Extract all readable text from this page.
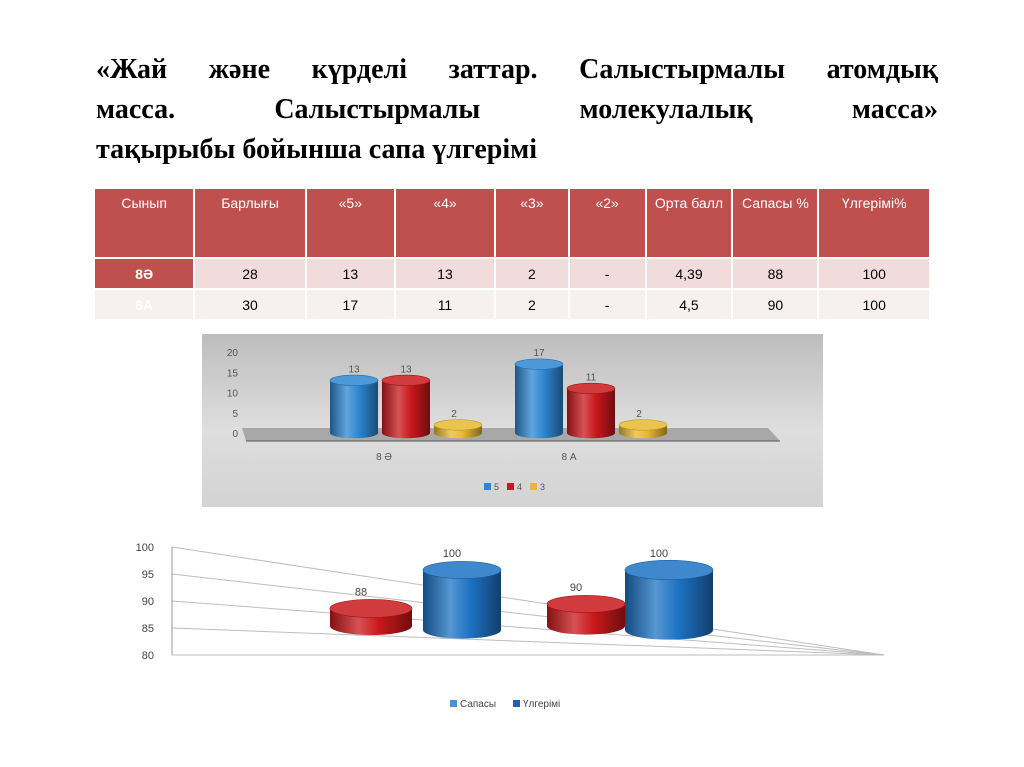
«Жай және күрделі заттар. Салыстырмалы атомдық
масса. Салыстырмалы молекулалық масса»
тақырыбы бойынша сапа үлгерімі
Сынып	Барлығы	«5»	«4»	«3»	«2»	Орта балл	Сапасы %	Үлгерімі%
8Ә	28	13	13	2	-	4,39	88	100
8А	30	17	11	2	-	4,5	90	100
20
15
10
5
0
13	13
2
8 Ә
17
11
2
8 А
5 4 3
100
95
90
85
80
88
100
90
100
Сапасы	Үлгерімі
